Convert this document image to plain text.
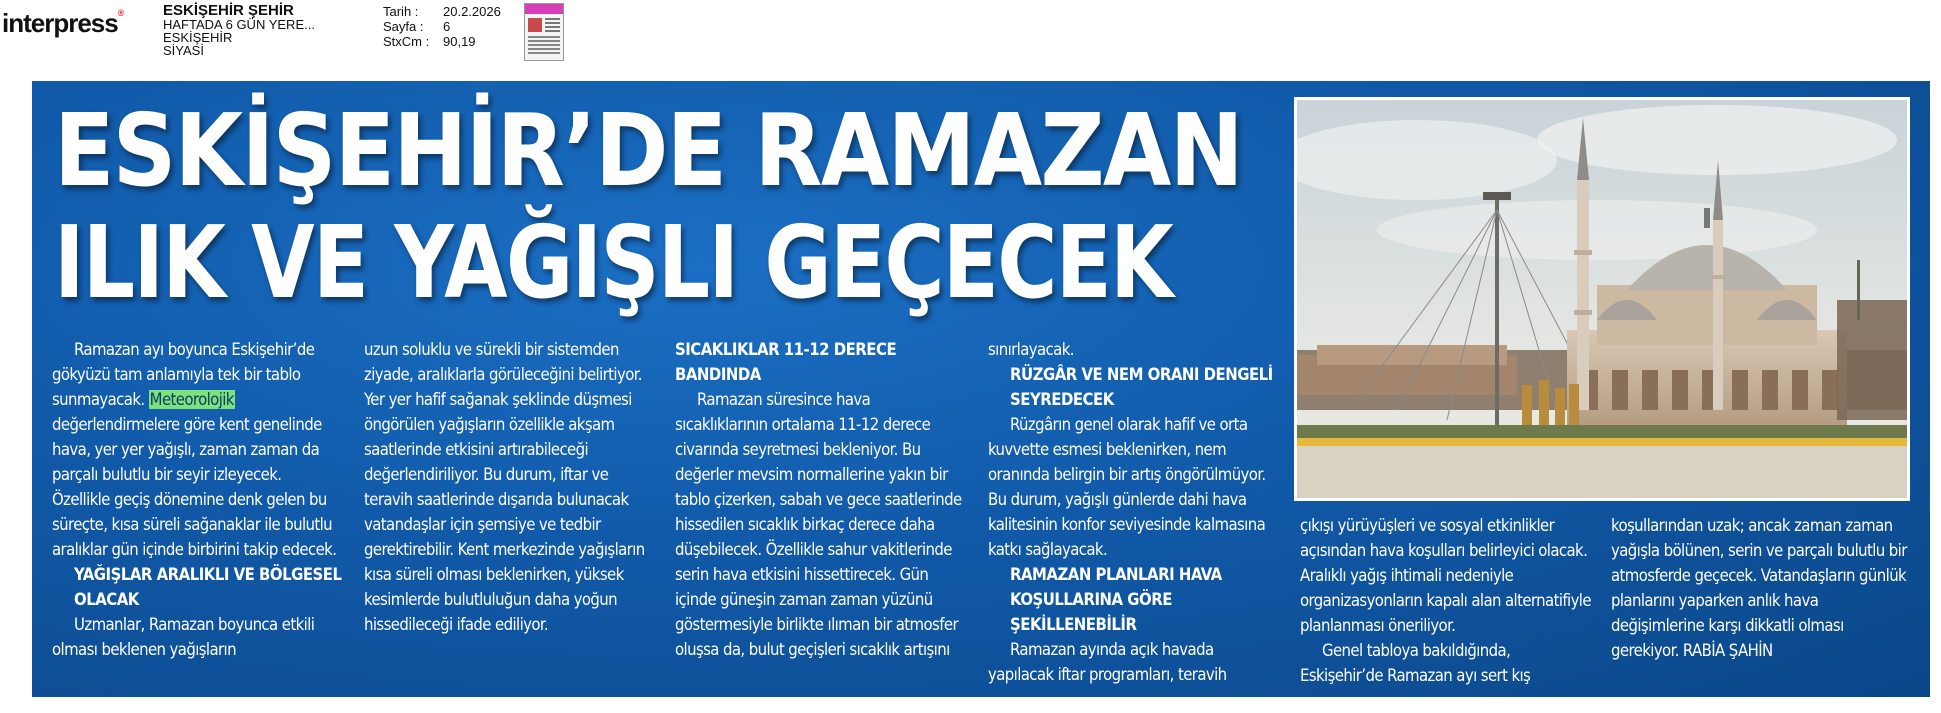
interpress®	ESKİŞEHİR ŞEHİR
HAFTADA 6 GÜN YERE...
ESKİŞEHİR
SİYASİ
Tarih :	20.2.2026
Sayfa :	6
StxCm :	90,19
ESKİŞEHİR’DE RAMAZAN
ILIK VE YAĞIŞLI GEÇECEK

Ramazan ayı boyunca Eskişehir’de gökyüzü tam anlamıyla tek bir tablo sunmayacak. Meteorolojik değerlendirmelere göre kent genelinde hava, yer yer yağışlı, zaman zaman da parçalı bulutlu bir seyir izleyecek. Özellikle geçiş dönemine denk gelen bu süreçte, kısa süreli sağanaklar ile bulutlu aralıklar gün içinde birbirini takip edecek.

YAĞIŞLAR ARALIKLI VE BÖLGESEL OLACAK

Uzmanlar, Ramazan boyunca etkili olması beklenen yağışların

uzun soluklu ve sürekli bir sistemden ziyade, aralıklarla görüleceğini belirtiyor. Yer yer hafif sağanak şeklinde düşmesi öngörülen yağışların özellikle akşam saatlerinde etkisini artırabileceği değerlendiriliyor. Bu durum, iftar ve teravih saatlerinde dışarıda bulunacak vatandaşlar için şemsiye ve tedbir gerektirebilir. Kent merkezinde yağışların kısa süreli olması beklenirken, yüksek kesimlerde bulutluluğun daha yoğun hissedileceği ifade ediliyor.

SICAKLIKLAR 11-12 DERECE BANDINDA

Ramazan süresince hava sıcaklıklarının ortalama 11-12 derece civarında seyretmesi bekleniyor. Bu değerler mevsim normallerine yakın bir tablo çizerken, sabah ve gece saatlerinde hissedilen sıcaklık birkaç derece daha düşebilecek. Özellikle sahur vakitlerinde serin hava etkisini hissettirecek. Gün içinde güneşin zaman zaman yüzünü göstermesiyle birlikte ılıman bir atmosfer oluşsa da, bulut geçişleri sıcaklık artışını

sınırlayacak.

RÜZGÂR VE NEM ORANI DENGELİ SEYREDECEK

Rüzgârın genel olarak hafif ve orta kuvvette esmesi beklenirken, nem oranında belirgin bir artış öngörülmüyor. Bu durum, yağışlı günlerde dahi hava kalitesinin konfor seviyesinde kalmasına katkı sağlayacak.

RAMAZAN PLANLARI HAVA KOŞULLARINA GÖRE ŞEKİLLENEBİLİR

Ramazan ayında açık havada yapılacak iftar programları, teravih

çıkışı yürüyüşleri ve sosyal etkinlikler açısından hava koşulları belirleyici olacak. Aralıklı yağış ihtimali nedeniyle organizasyonların kapalı alan alternatifiyle planlanması öneriliyor.

Genel tabloya bakıldığında, Eskişehir’de Ramazan ayı sert kış

koşullarından uzak; ancak zaman zaman yağışla bölünen, serin ve parçalı bulutlu bir atmosferde geçecek. Vatandaşların günlük planlarını yaparken anlık hava değişimlerine karşı dikkatli olması gerekiyor. RABİA ŞAHİN
